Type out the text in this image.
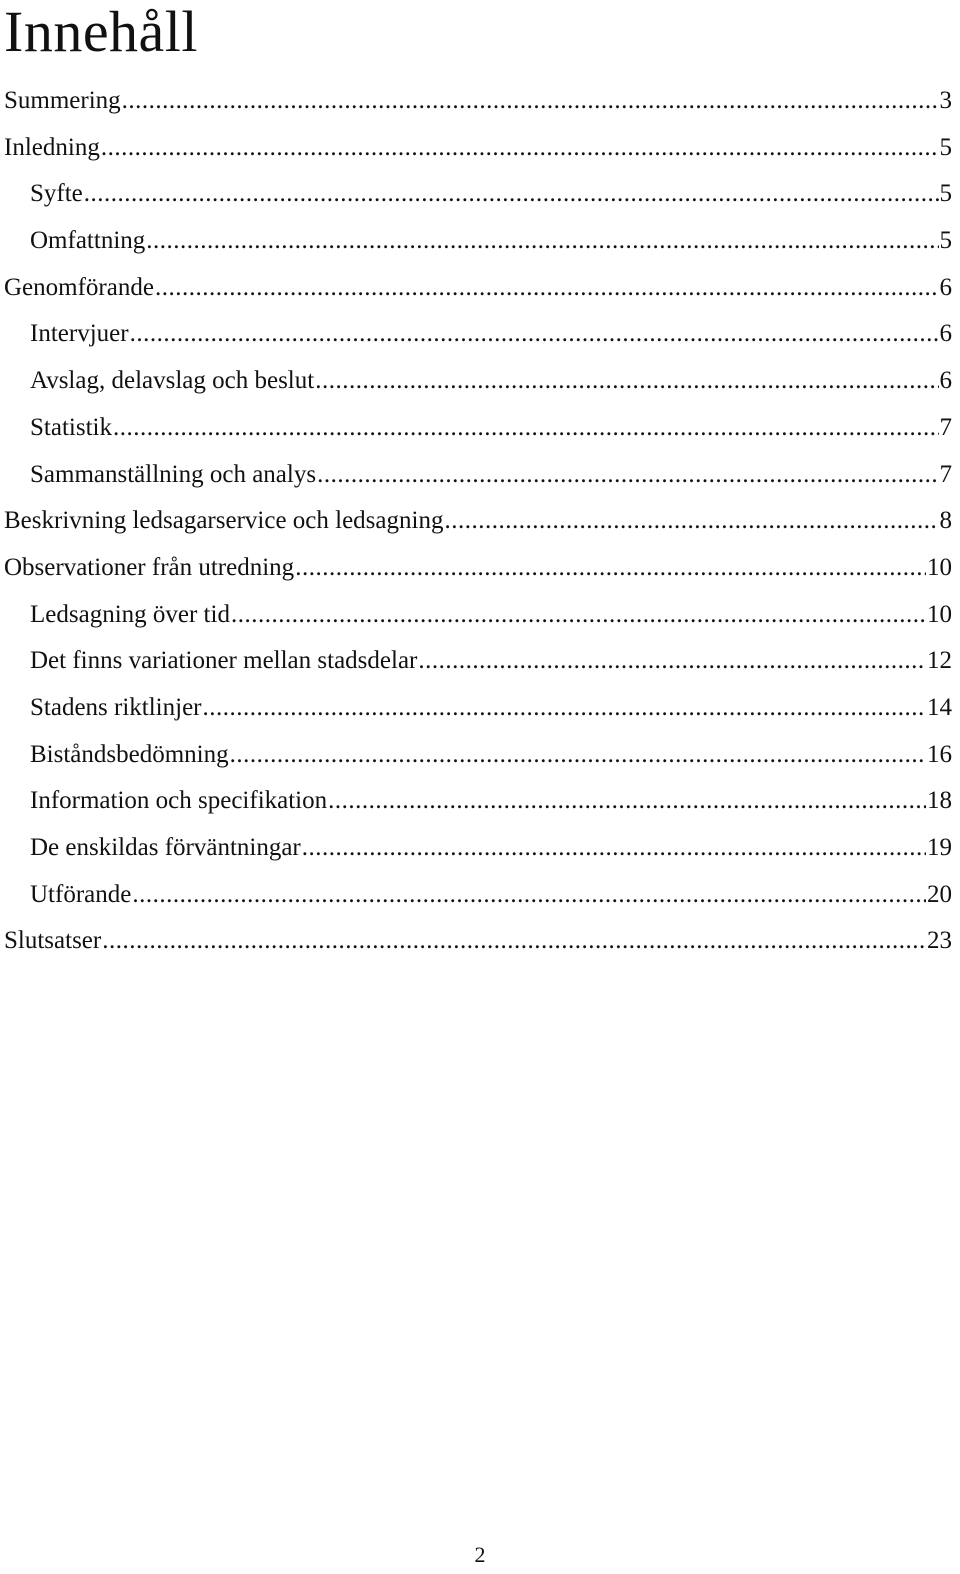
Innehåll
Summering .....	3
Inledning .....	5
Syfte .....	5
Omfattning .....	5
Genomförande .....	6
Intervjuer .....	6
Avslag, delavslag och beslut .....	6
Statistik .....	7
Sammanställning och analys .....	7
Beskrivning ledsagarservice och ledsagning .....	8
Observationer från utredning .....	10
Ledsagning över tid .....	10
Det finns variationer mellan stadsdelar .....	12
Stadens riktlinjer .....	14
Biståndsbedömning .....	16
Information och specifikation .....	18
De enskildas förväntningar .....	19
Utförande .....	20
Slutsatser .....	23
2
